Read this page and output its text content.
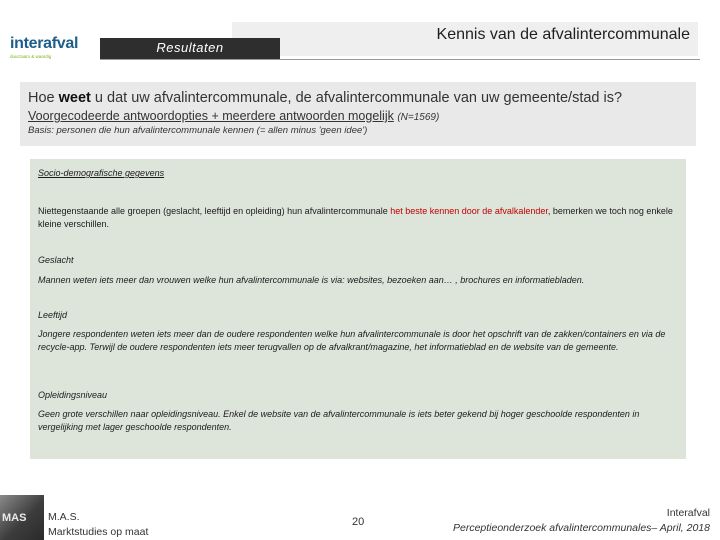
interafval
duurzaam & waardig
Kennis van de afvalintercommunale
Resultaten
Hoe weet u dat uw afvalintercommunale, de afvalintercommunale van uw gemeente/stad is?
Voorgecodeerde antwoordopties + meerdere antwoorden mogelijk (N=1569)
Basis: personen die hun afvalintercommunale kennen (= allen minus 'geen idee')

Socio-demografische gegevens

Niettegenstaande alle groepen (geslacht, leeftijd en opleiding) hun afvalintercommunale het beste kennen door de afvalkalender, bemerken we toch nog enkele kleine verschillen.

Geslacht

Mannen weten iets meer dan vrouwen welke hun afvalintercommunale is via: websites, bezoeken aan… , brochures en informatiebladen.

Leeftijd

Jongere respondenten weten iets meer dan de oudere respondenten welke hun afvalintercommunale is door het opschrift van de zakken/containers en via de recycle-app. Terwijl de oudere respondenten iets meer terugvallen op de afvalkrant/magazine, het informatieblad en de website van de gemeente.

Opleidingsniveau

Geen grote verschillen naar opleidingsniveau. Enkel de website van de afvalintercommunale is iets beter gekend bij hoger geschoolde respondenten in vergelijking met lager geschoolde respondenten.

MAS M.A.S.
Marktstudies op maat
20
Interafval
Perceptieonderzoek afvalintercommunales– April, 2018
